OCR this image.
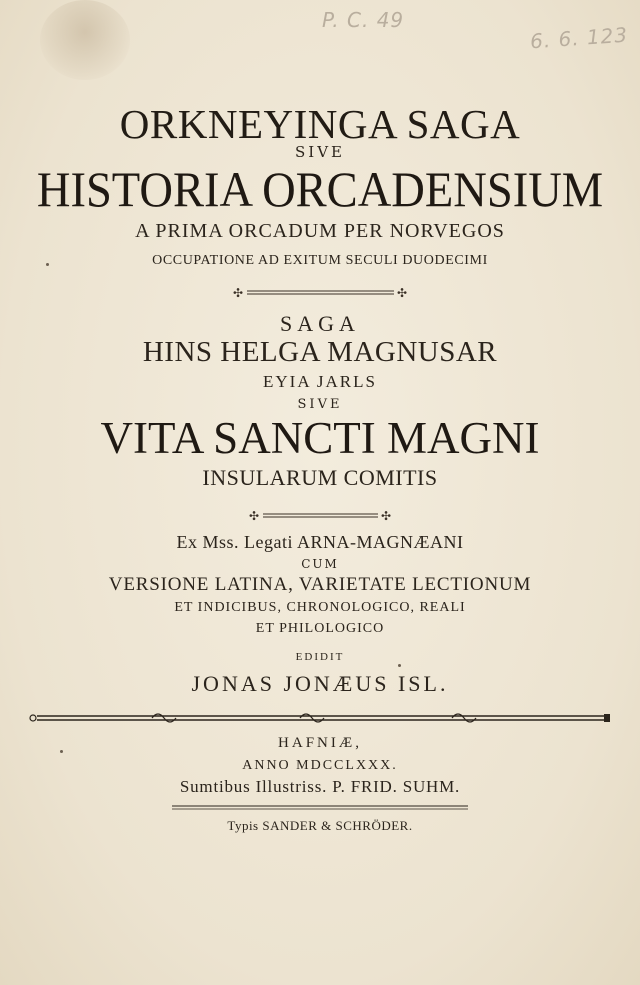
P. C. 49
6. 6. 123
ORKNEYINGA SAGA
SIVE
HISTORIA ORCADENSIUM
A PRIMA ORCADUM PER NORVEGOS
OCCUPATIONE AD EXITUM SECULI DUODECIMI
✣	✣
SAGA
HINS HELGA MAGNUSAR
EYIA JARLS
SIVE
VITA SANCTI MAGNI
INSULARUM COMITIS
✣	✣
Ex Mss. Legati ARNA-MAGNÆANI
CUM
VERSIONE LATINA, VARIETATE LECTIONUM
ET INDICIBUS, CHRONOLOGICO, REALI
ET PHILOLOGICO
EDIDIT
JONAS JONÆUS ISL.
HAFNIÆ,
ANNO MDCCLXXX.
Sumtibus Illustriss. P. FRID. SUHM.
Typis SANDER & SCHRÖDER.
